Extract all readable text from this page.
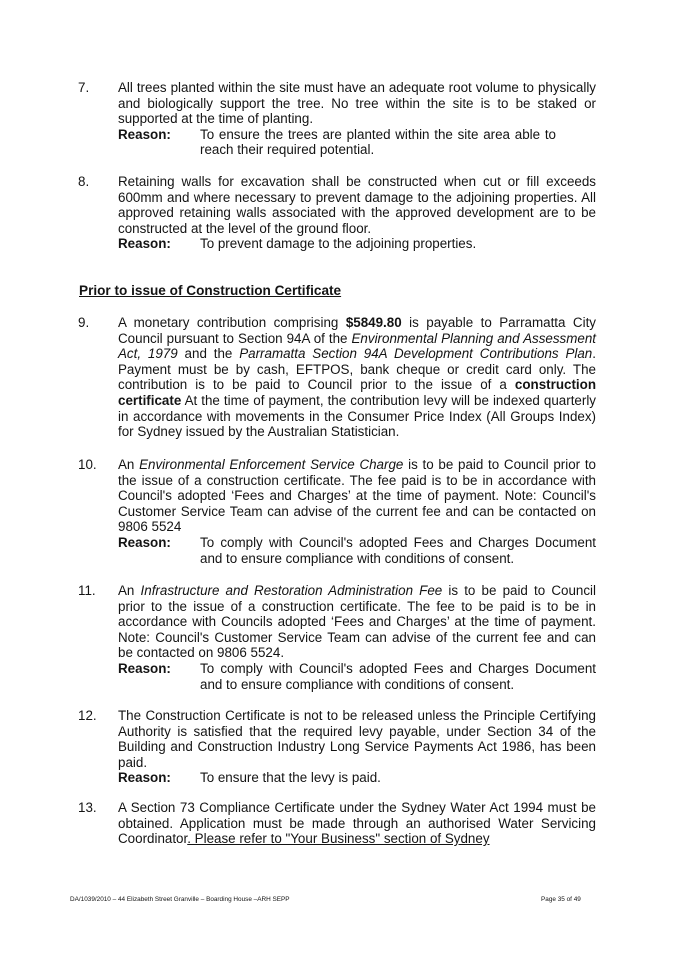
7. All trees planted within the site must have an adequate root volume to physically and biologically support the tree. No tree within the site is to be staked or supported at the time of planting.
Reason:	To ensure the trees are planted within the site area able to reach their required potential.
8. Retaining walls for excavation shall be constructed when cut or fill exceeds 600mm and where necessary to prevent damage to the adjoining properties. All approved retaining walls associated with the approved development are to be constructed at the level of the ground floor.
Reason:	To prevent damage to the adjoining properties.
Prior to issue of Construction Certificate
9. A monetary contribution comprising $5849.80 is payable to Parramatta City Council pursuant to Section 94A of the Environmental Planning and Assessment Act, 1979 and the Parramatta Section 94A Development Contributions Plan. Payment must be by cash, EFTPOS, bank cheque or credit card only. The contribution is to be paid to Council prior to the issue of a construction certificate At the time of payment, the contribution levy will be indexed quarterly in accordance with movements in the Consumer Price Index (All Groups Index) for Sydney issued by the Australian Statistician.
10. An Environmental Enforcement Service Charge is to be paid to Council prior to the issue of a construction certificate. The fee paid is to be in accordance with Council's adopted ‘Fees and Charges’ at the time of payment. Note: Council's Customer Service Team can advise of the current fee and can be contacted on 9806 5524
Reason:	To comply with Council's adopted Fees and Charges Document and to ensure compliance with conditions of consent.
11. An Infrastructure and Restoration Administration Fee is to be paid to Council prior to the issue of a construction certificate. The fee to be paid is to be in accordance with Councils adopted ‘Fees and Charges’ at the time of payment. Note: Council's Customer Service Team can advise of the current fee and can be contacted on 9806 5524.
Reason:	To comply with Council's adopted Fees and Charges Document and to ensure compliance with conditions of consent.
12. The Construction Certificate is not to be released unless the Principle Certifying Authority is satisfied that the required levy payable, under Section 34 of the Building and Construction Industry Long Service Payments Act 1986, has been paid.
Reason:	To ensure that the levy is paid.
13. A Section 73 Compliance Certificate under the Sydney Water Act 1994 must be obtained. Application must be made through an authorised Water Servicing Coordinator. Please refer to "Your Business" section of Sydney
DA/1039/2010 – 44 Elizabeth Street Granville – Boarding House –ARH SEPP	Page 35 of 49
